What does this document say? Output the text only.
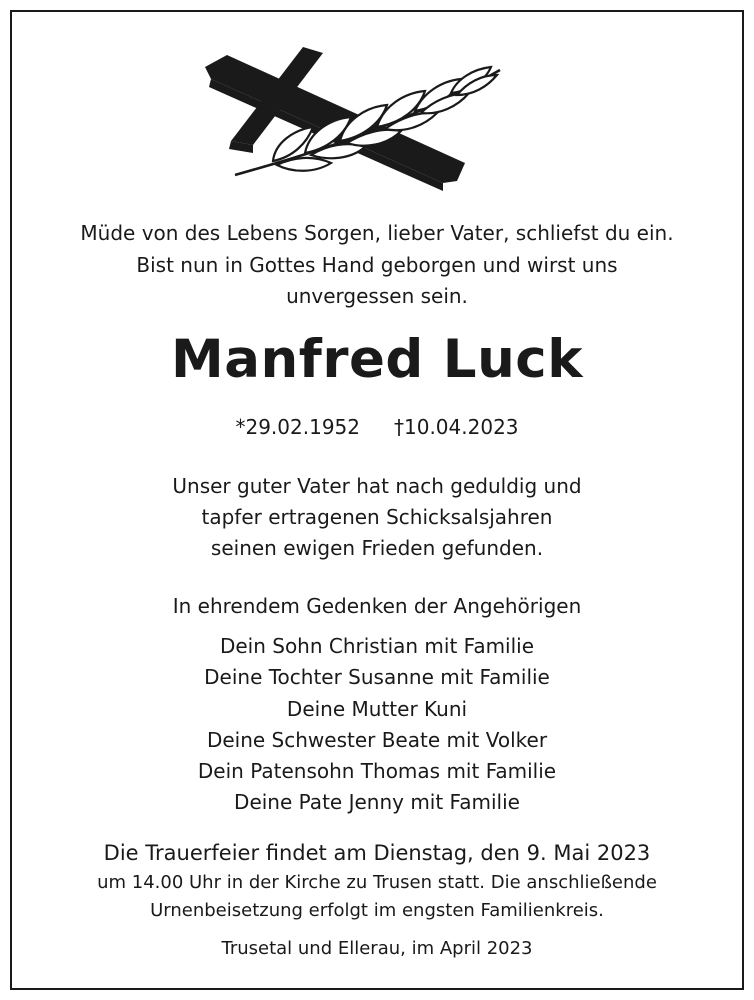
Müde von des Lebens Sorgen, lieber Vater, schliefst du ein.
Bist nun in Gottes Hand geborgen und wirst uns
unvergessen sein.
Manfred Luck
*29.02.1952 †10.04.2023
Unser guter Vater hat nach geduldig und
tapfer ertragenen Schicksalsjahren
seinen ewigen Frieden gefunden.
In ehrendem Gedenken der Angehörigen
Dein Sohn Christian mit Familie
Deine Tochter Susanne mit Familie
Deine Mutter Kuni
Deine Schwester Beate mit Volker
Dein Patensohn Thomas mit Familie
Deine Pate Jenny mit Familie
Die Trauerfeier findet am Dienstag, den 9. Mai 2023
um 14.00 Uhr in der Kirche zu Trusen statt. Die anschließende
Urnenbeisetzung erfolgt im engsten Familienkreis.
Trusetal und Ellerau, im April 2023
